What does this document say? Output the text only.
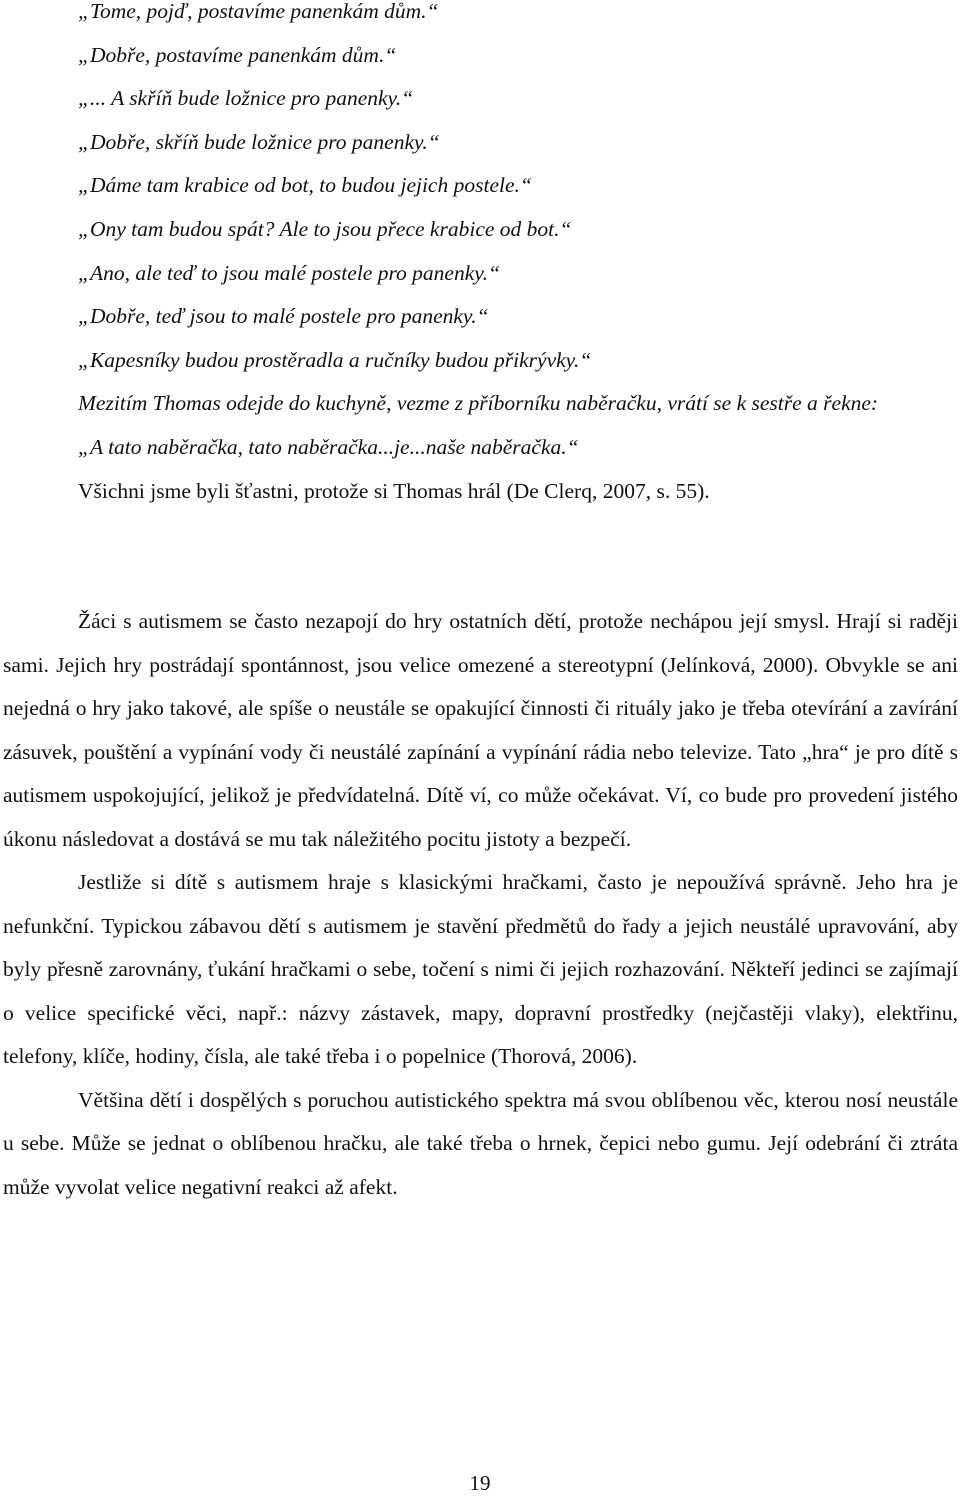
„Tome, pojď, postavíme panenkám dům.“
„Dobře, postavíme panenkám dům.“
„... A skříň bude ložnice pro panenky.“
„Dobře, skříň bude ložnice pro panenky.“
„Dáme tam krabice od bot, to budou jejich postele.“
„Ony tam budou spát? Ale to jsou přece krabice od bot.“
„Ano, ale teď to jsou malé postele pro panenky.“
„Dobře, teď jsou to malé postele pro panenky.“
„Kapesníky budou prostěradla a ručníky budou přikrývky.“
Mezitím Thomas odejde do kuchyně, vezme z příborníku naběračku, vrátí se k sestře a řekne:
„A tato naběračka, tato naběračka...je...naše naběračka.“
Všichni jsme byli šťastni, protože si Thomas hrál (De Clerq, 2007, s. 55).

Žáci s autismem se často nezapojí do hry ostatních dětí, protože nechápou její smysl. Hrají si raději sami. Jejich hry postrádají spontánnost, jsou velice omezené a stereotypní (Jelínková, 2000). Obvykle se ani nejedná o hry jako takové, ale spíše o neustále se opakující činnosti či rituály jako je třeba otevírání a zavírání zásuvek, pouštění a vypínání vody či neustálé zapínání a vypínání rádia nebo televize. Tato „hra“ je pro dítě s autismem uspokojující, jelikož je předvídatelná. Dítě ví, co může očekávat. Ví, co bude pro provedení jistého úkonu následovat a dostává se mu tak náležitého pocitu jistoty a bezpečí.

Jestliže si dítě s autismem hraje s klasickými hračkami, často je nepoužívá správně. Jeho hra je nefunkční. Typickou zábavou dětí s autismem je stavění předmětů do řady a jejich neustálé upravování, aby byly přesně zarovnány, ťukání hračkami o sebe, točení s nimi či jejich rozhazování. Někteří jedinci se zajímají o velice specifické věci, např.: názvy zástavek, mapy, dopravní prostředky (nejčastěji vlaky), elektřinu, telefony, klíče, hodiny, čísla, ale také třeba i o popelnice (Thorová, 2006).

Většina dětí i dospělých s poruchou autistického spektra má svou oblíbenou věc, kterou nosí neustále u sebe. Může se jednat o oblíbenou hračku, ale také třeba o hrnek, čepici nebo gumu. Její odebrání či ztráta může vyvolat velice negativní reakci až afekt.

19
